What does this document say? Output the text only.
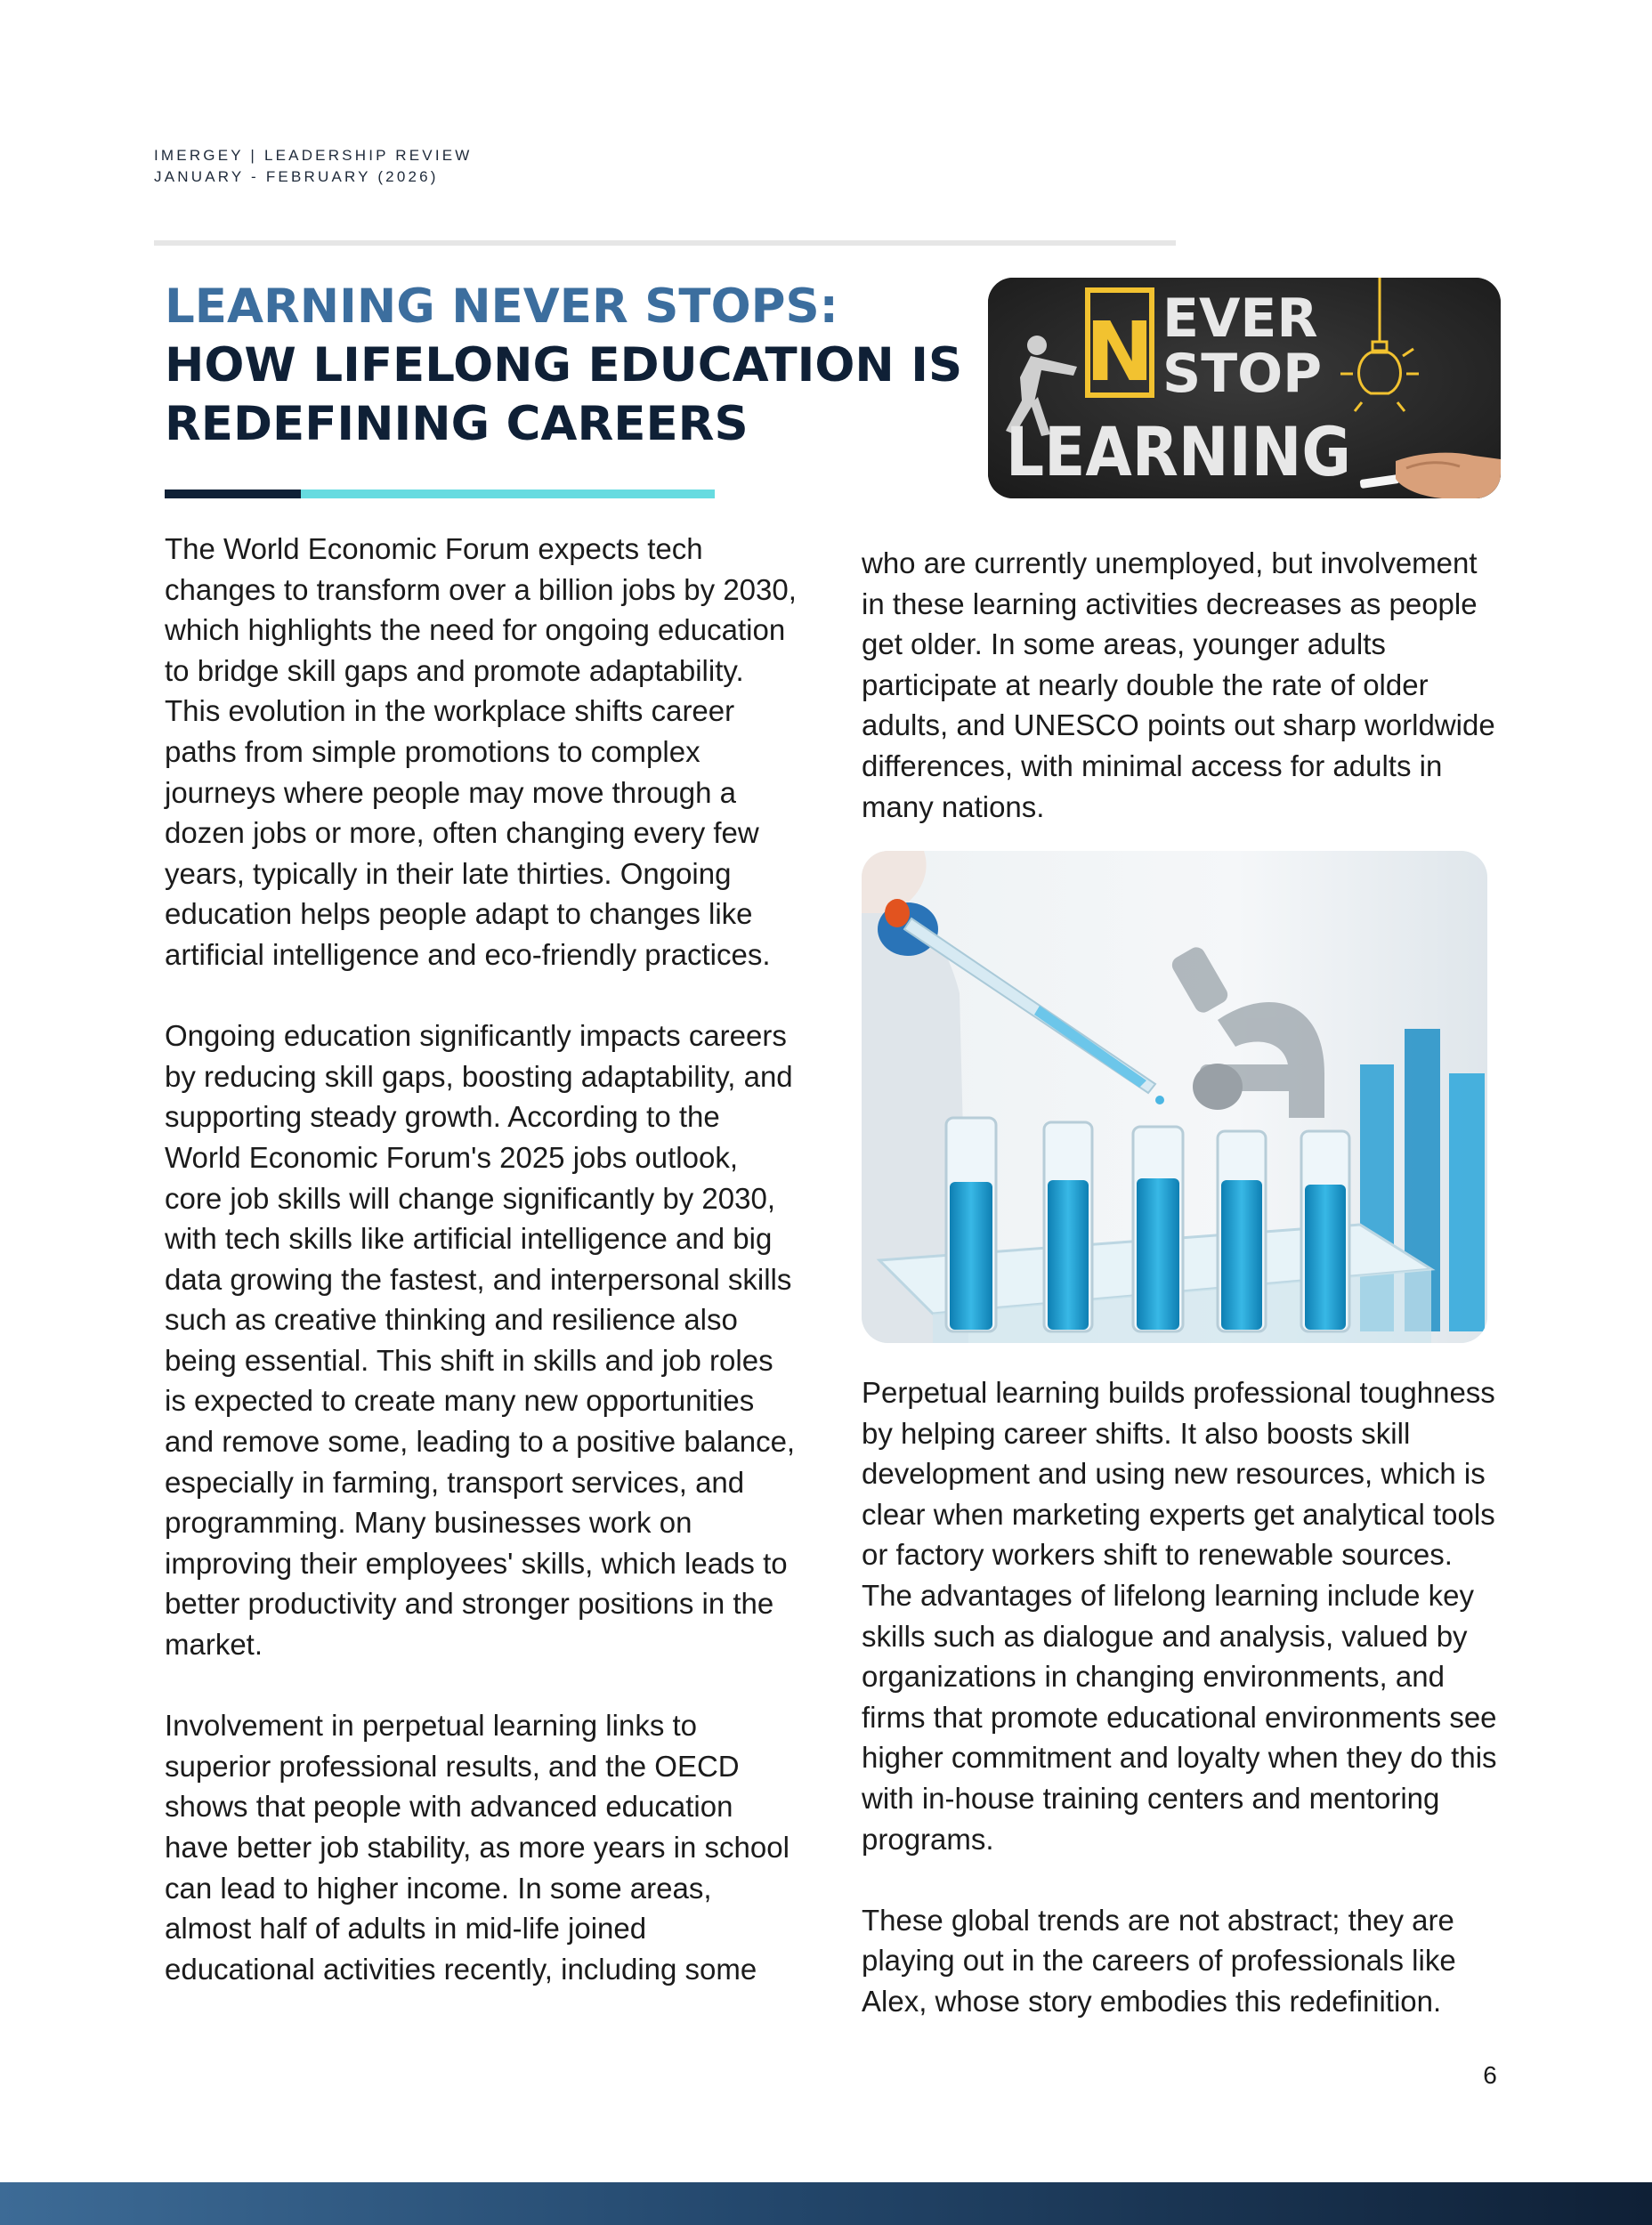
IMERGEY | LEADERSHIP REVIEW
JANUARY - FEBRUARY (2026)
LEARNING NEVER STOPS:
HOW LIFELONG EDUCATION IS REDEFINING CAREERS
N EVER
STOP
LEARNING

The World Economic Forum expects tech changes to transform over a billion jobs by 2030, which highlights the need for ongoing education to bridge skill gaps and promote adaptability. This evolution in the workplace shifts career paths from simple promotions to complex journeys where people may move through a dozen jobs or more, often changing every few years, typically in their late thirties. Ongoing education helps people adapt to changes like artificial intelligence and eco-friendly practices.

Ongoing education significantly impacts careers by reducing skill gaps, boosting adaptability, and supporting steady growth. According to the World Economic Forum's 2025 jobs outlook, core job skills will change significantly by 2030, with tech skills like artificial intelligence and big data growing the fastest, and interpersonal skills such as creative thinking and resilience also being essential. This shift in skills and job roles is expected to create many new opportunities and remove some, leading to a positive balance, especially in farming, transport services, and programming. Many businesses work on improving their employees' skills, which leads to better productivity and stronger positions in the market.

Involvement in perpetual learning links to superior professional results, and the OECD shows that people with advanced education have better job stability, as more years in school can lead to higher income. In some areas, almost half of adults in mid-life joined educational activities recently, including some

who are currently unemployed, but involvement in these learning activities decreases as people get older. In some areas, younger adults participate at nearly double the rate of older adults, and UNESCO points out sharp worldwide differences, with minimal access for adults in many nations.

Perpetual learning builds professional toughness by helping career shifts. It also boosts skill development and using new resources, which is clear when marketing experts get analytical tools or factory workers shift to renewable sources. The advantages of lifelong learning include key skills such as dialogue and analysis, valued by organizations in changing environments, and firms that promote educational environments see higher commitment and loyalty when they do this with in-house training centers and mentoring programs.

These global trends are not abstract; they are playing out in the careers of professionals like Alex, whose story embodies this redefinition.

6
